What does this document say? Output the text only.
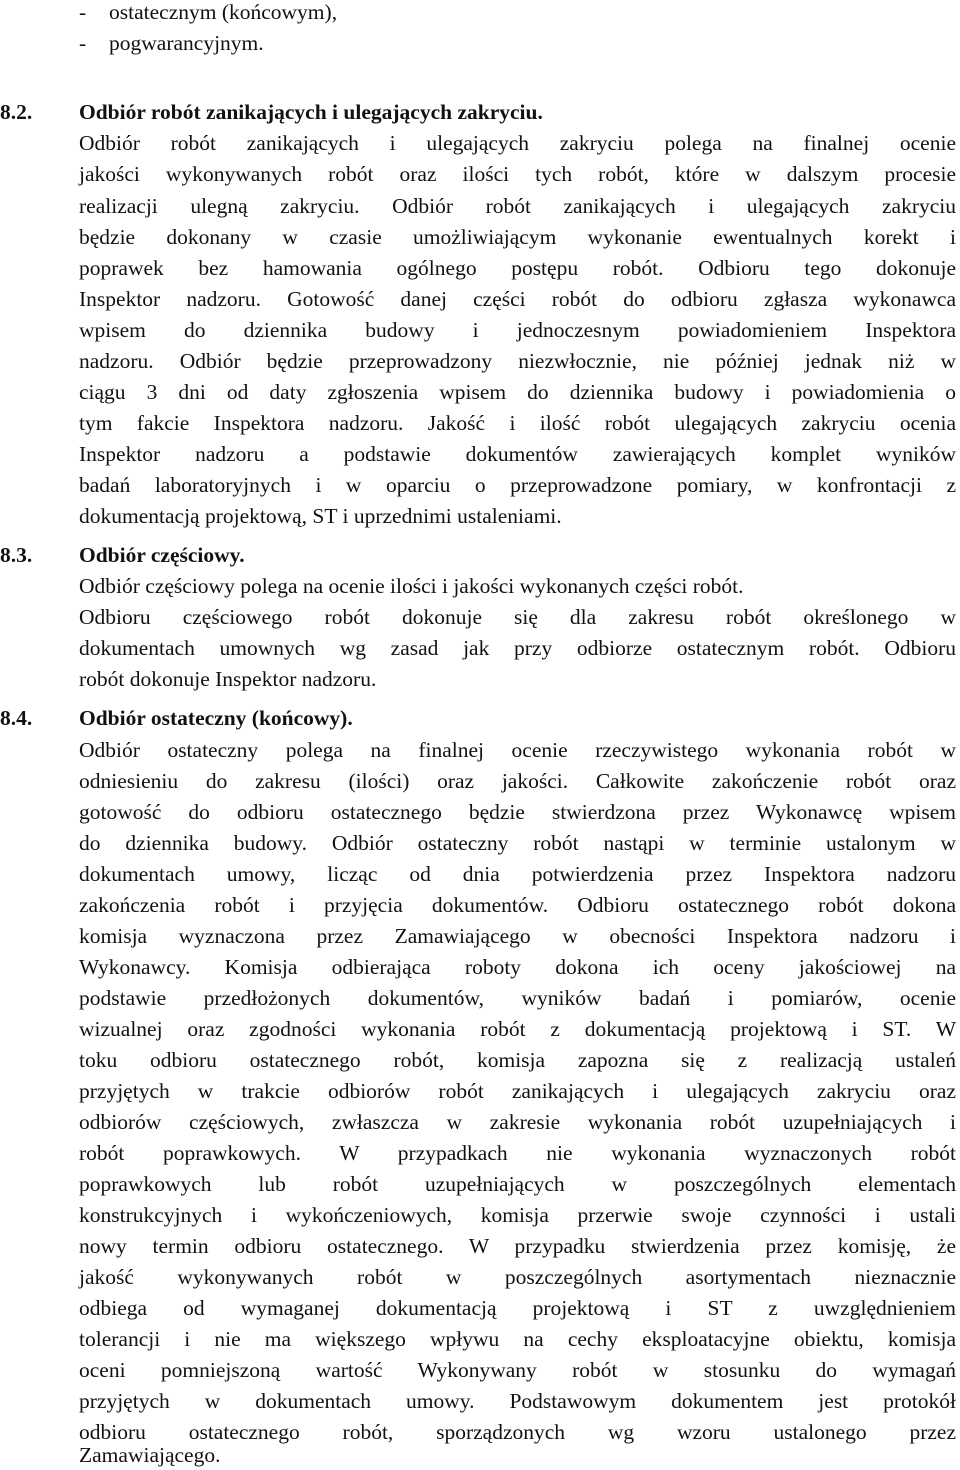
- ostatecznym (końcowym),
- pogwarancyjnym.
8.2. Odbiór robót zanikających i ulegających zakryciu.
Odbiór robót zanikających i ulegających zakryciu polega na finalnej ocenie
jakości wykonywanych robót oraz ilości tych robót, które w dalszym procesie
realizacji ulegną zakryciu. Odbiór robót zanikających i ulegających zakryciu
będzie dokonany w czasie umożliwiającym wykonanie ewentualnych korekt i
poprawek bez hamowania ogólnego postępu robót. Odbioru tego dokonuje
Inspektor nadzoru. Gotowość danej części robót do odbioru zgłasza wykonawca
wpisem do dziennika budowy i jednoczesnym powiadomieniem Inspektora
nadzoru. Odbiór będzie przeprowadzony niezwłocznie, nie później jednak niż w
ciągu 3 dni od daty zgłoszenia wpisem do dziennika budowy i powiadomienia o
tym fakcie Inspektora nadzoru. Jakość i ilość robót ulegających zakryciu ocenia
Inspektor nadzoru a podstawie dokumentów zawierających komplet wyników
badań laboratoryjnych i w oparciu o przeprowadzone pomiary, w konfrontacji z
dokumentacją projektową, ST i uprzednimi ustaleniami.
8.3. Odbiór częściowy.
Odbiór częściowy polega na ocenie ilości i jakości wykonanych części robót.
Odbioru częściowego robót dokonuje się dla zakresu robót określonego w
dokumentach umownych wg zasad jak przy odbiorze ostatecznym robót. Odbioru
robót dokonuje Inspektor nadzoru.
8.4. Odbiór ostateczny (końcowy).
Odbiór ostateczny polega na finalnej ocenie rzeczywistego wykonania robót w
odniesieniu do zakresu (ilości) oraz jakości. Całkowite zakończenie robót oraz
gotowość do odbioru ostatecznego będzie stwierdzona przez Wykonawcę wpisem
do dziennika budowy. Odbiór ostateczny robót nastąpi w terminie ustalonym w
dokumentach umowy, licząc od dnia potwierdzenia przez Inspektora nadzoru
zakończenia robót i przyjęcia dokumentów. Odbioru ostatecznego robót dokona
komisja wyznaczona przez Zamawiającego w obecności Inspektora nadzoru i
Wykonawcy. Komisja odbierająca roboty dokona ich oceny jakościowej na
podstawie przedłożonych dokumentów, wyników badań i pomiarów, ocenie
wizualnej oraz zgodności wykonania robót z dokumentacją projektową i ST. W
toku odbioru ostatecznego robót, komisja zapozna się z realizacją ustaleń
przyjętych w trakcie odbiorów robót zanikających i ulegających zakryciu oraz
odbiorów częściowych, zwłaszcza w zakresie wykonania robót uzupełniających i
robót poprawkowych. W przypadkach nie wykonania wyznaczonych robót
poprawkowych lub robót uzupełniających w poszczególnych elementach
konstrukcyjnych i wykończeniowych, komisja przerwie swoje czynności i ustali
nowy termin odbioru ostatecznego. W przypadku stwierdzenia przez komisję, że
jakość wykonywanych robót w poszczególnych asortymentach nieznacznie
odbiega od wymaganej dokumentacją projektową i ST z uwzględnieniem
tolerancji i nie ma większego wpływu na cechy eksploatacyjne obiektu, komisja
oceni pomniejszoną wartość Wykonywany robót w stosunku do wymagań
przyjętych w dokumentach umowy. Podstawowym dokumentem jest protokół
odbioru ostatecznego robót, sporządzonych wg wzoru ustalonego przez
Zamawiającego.
